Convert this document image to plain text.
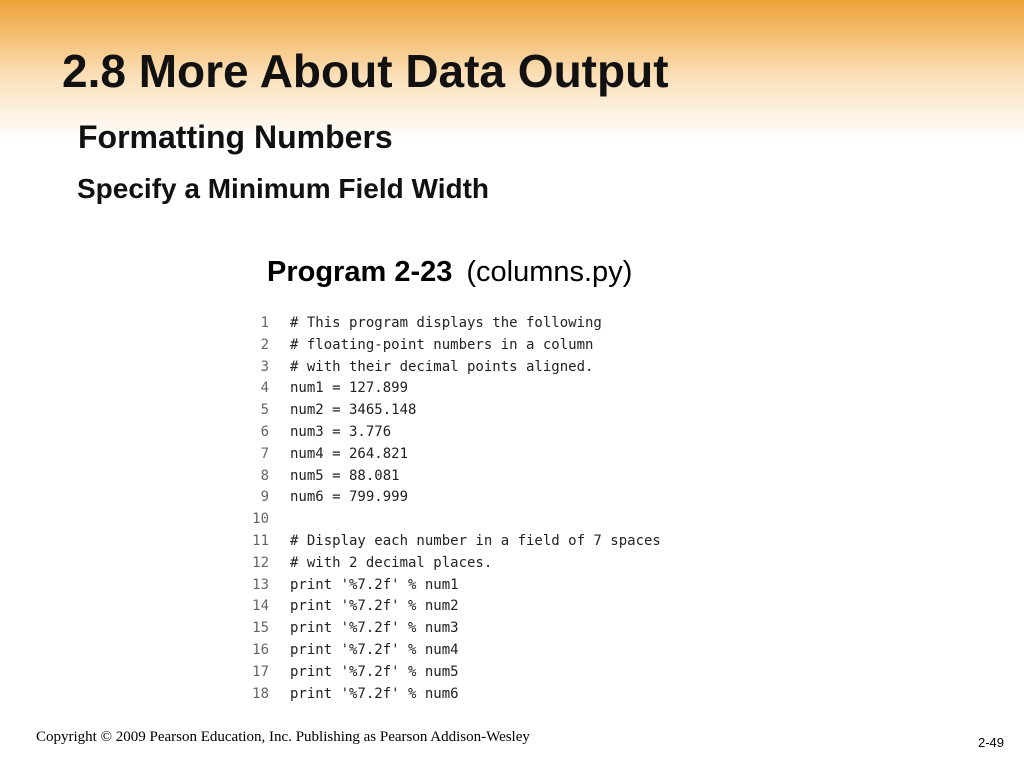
2.8 More About Data Output
Formatting Numbers
Specify a Minimum Field Width
Program 2-23 (columns.py)
1 # This program displays the following
2 # floating-point numbers in a column
3 # with their decimal points aligned.
4 num1 = 127.899
5 num2 = 3465.148
6 num3 = 3.776
7 num4 = 264.821
8 num5 = 88.081
9 num6 = 799.999
10
11 # Display each number in a field of 7 spaces
12 # with 2 decimal places.
13 print '%7.2f' % num1
14 print '%7.2f' % num2
15 print '%7.2f' % num3
16 print '%7.2f' % num4
17 print '%7.2f' % num5
18 print '%7.2f' % num6
Copyright © 2009 Pearson Education, Inc. Publishing as Pearson Addison-Wesley	2-49
